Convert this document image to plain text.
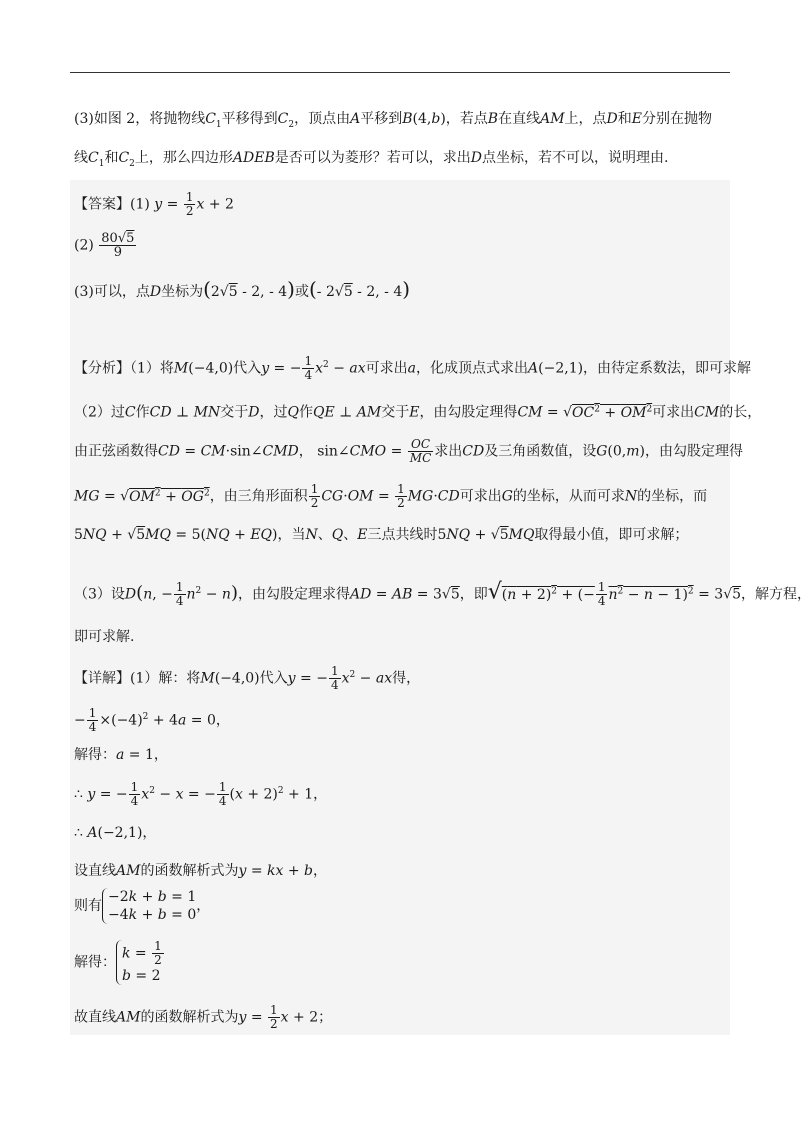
(3)如图 2，将抛物线$C_1$平移得到$C_2$，顶点由A平移到B(4,b)，若点B在直线AM上，点D和E分别在抛物
线$C_1$和$C_2$上，那么四边形ADEB是否可以为菱形？若可以，求出D点坐标，若不可以，说明理由.
【答案】(1) $y = \frac{1}{2}$ x + 2
$(2) \frac{80√5}{9}$
(3)可以，点D坐标为(2√5 - 2, - 4)或(- 2√5 - 2, - 4)
【分析】（1）将M(−4,0)代入y = − $\frac{1}{4} x^2$ − ax可求出a，化成顶点式求出A(−2,1)，由待定系数法，即可求解
（2）过C作CD ⊥ MN交于D，过Q作QE ⊥ AM交于E，由勾股定理得CM = $√OC^2 + OM^2$可求出CM的长，
由正弦函数得CD = CM·sin∠CMD， sin∠CMO = $\frac{OC}{MC}$ 求出CD及三角函数值，设G(0,m)，由勾股定理得
MG = $√OM^2 + OG^2$，由三角形面积 $\frac{1}{2} CG\cdot OM = \frac{1}{2} MG\cdot CD$可求出G的坐标，从而可求N的坐标，而
5NQ + √5MQ = 5(NQ + EQ)，当N、Q、E三点共线时5NQ + √5MQ取得最小值，即可求解；
（3）设D(n, − $\frac{1}{4} n^2 - n$)，由勾股定理求得AD = AB = 3√5，即$√(n + 2)^2$ + (− $\frac{1}{4} n^2 - n - 1)^2 = 3√5$，解方程，
即可求解.
【详解】(1）解：将M(−4,0)代入y = − $\frac{1}{4} x^2$ − ax得，
− $\frac{1}{4} \times(-4)^2 + 4a = 0$，
解得：a = 1，
∴ y = − $\frac{1}{4} x^2 - x$ = − $\frac{1}{4} (x + 2)^2 + 1$，
∴ A(−2,1)，
设直线AM的函数解析式为y = kx + b，
则有
−2k + b = 1
−4k + b = 0
，
解得：
$k = \frac{1}{2}$
b = 2
故直线AM的函数解析式为$y = \frac{1}{2}$ x + 2；
